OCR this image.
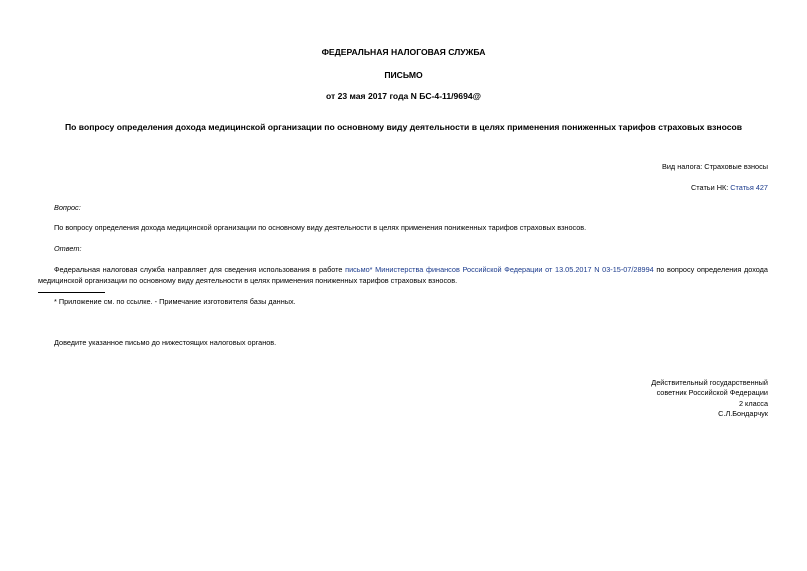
ФЕДЕРАЛЬНАЯ НАЛОГОВАЯ СЛУЖБА
ПИСЬМО
от 23 мая 2017 года N БС-4-11/9694@
По вопросу определения дохода медицинской организации по основному виду деятельности в целях применения пониженных тарифов страховых взносов
Вид налога: Страховые взносы
Статьи НК: Статья 427
Вопрос:
По вопросу определения дохода медицинской организации по основному виду деятельности в целях применения пониженных тарифов страховых взносов.
Ответ:
Федеральная налоговая служба направляет для сведения использования в работе письмо* Министерства финансов Российской Федерации от 13.05.2017 N 03-15-07/28994 по вопросу определения дохода медицинской организации по основному виду деятельности в целях применения пониженных тарифов страховых взносов.
* Приложение см. по ссылке. - Примечание изготовителя базы данных.
Доведите указанное письмо до нижестоящих налоговых органов.
Действительный государственный
советник Российской Федерации
2 класса
С.Л.Бондарчук
